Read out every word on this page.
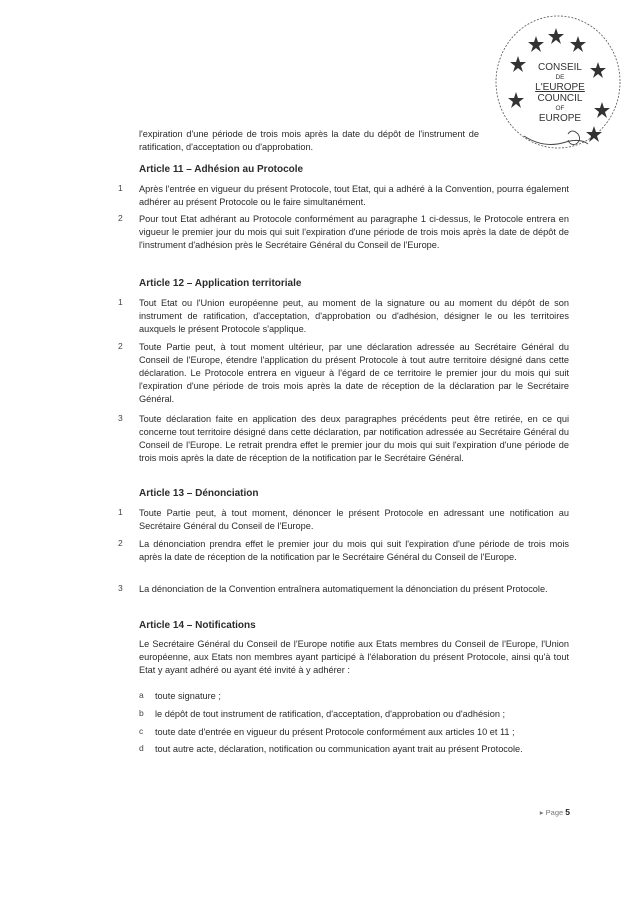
CONSEIL
DE
L'EUROPE
COUNCIL
OF
EUROPE

l'expiration d'une période de trois mois après la date du dépôt de l'instrument de ratification, d'acceptation ou d'approbation.

Article 11 – Adhésion au Protocole

1 Après l'entrée en vigueur du présent Protocole, tout Etat, qui a adhéré à la Convention, pourra également adhérer au présent Protocole ou le faire simultanément.

2 Pour tout Etat adhérant au Protocole conformément au paragraphe 1 ci-dessus, le Protocole entrera en vigueur le premier jour du mois qui suit l'expiration d'une période de trois mois après la date de dépôt de l'instrument d'adhésion près le Secrétaire Général du Conseil de l'Europe.

Article 12 – Application territoriale

1 Tout Etat ou l'Union européenne peut, au moment de la signature ou au moment du dépôt de son instrument de ratification, d'acceptation, d'approbation ou d'adhésion, désigner le ou les territoires auxquels le présent Protocole s'applique.

2 Toute Partie peut, à tout moment ultérieur, par une déclaration adressée au Secrétaire Général du Conseil de l'Europe, étendre l'application du présent Protocole à tout autre territoire désigné dans cette déclaration. Le Protocole entrera en vigueur à l'égard de ce territoire le premier jour du mois qui suit l'expiration d'une période de trois mois après la date de réception de la déclaration par le Secrétaire Général.

3 Toute déclaration faite en application des deux paragraphes précédents peut être retirée, en ce qui concerne tout territoire désigné dans cette déclaration, par notification adressée au Secrétaire Général du Conseil de l'Europe. Le retrait prendra effet le premier jour du mois qui suit l'expiration d'une période de trois mois après la date de réception de la notification par le Secrétaire Général.

Article 13 – Dénonciation

1 Toute Partie peut, à tout moment, dénoncer le présent Protocole en adressant une notification au Secrétaire Général du Conseil de l'Europe.

2 La dénonciation prendra effet le premier jour du mois qui suit l'expiration d'une période de trois mois après la date de réception de la notification par le Secrétaire Général du Conseil de l'Europe.

3 La dénonciation de la Convention entraînera automatiquement la dénonciation du présent Protocole.

Article 14 – Notifications

Le Secrétaire Général du Conseil de l'Europe notifie aux Etats membres du Conseil de l'Europe, l'Union européenne, aux Etats non membres ayant participé à l'élaboration du présent Protocole, ainsi qu'à tout Etat y ayant adhéré ou ayant été invité à y adhérer :

a toute signature ;

b le dépôt de tout instrument de ratification, d'acceptation, d'approbation ou d'adhésion ;

c toute date d'entrée en vigueur du présent Protocole conformément aux articles 10 et 11 ;

d tout autre acte, déclaration, notification ou communication ayant trait au présent Protocole.

▸ Page 5
